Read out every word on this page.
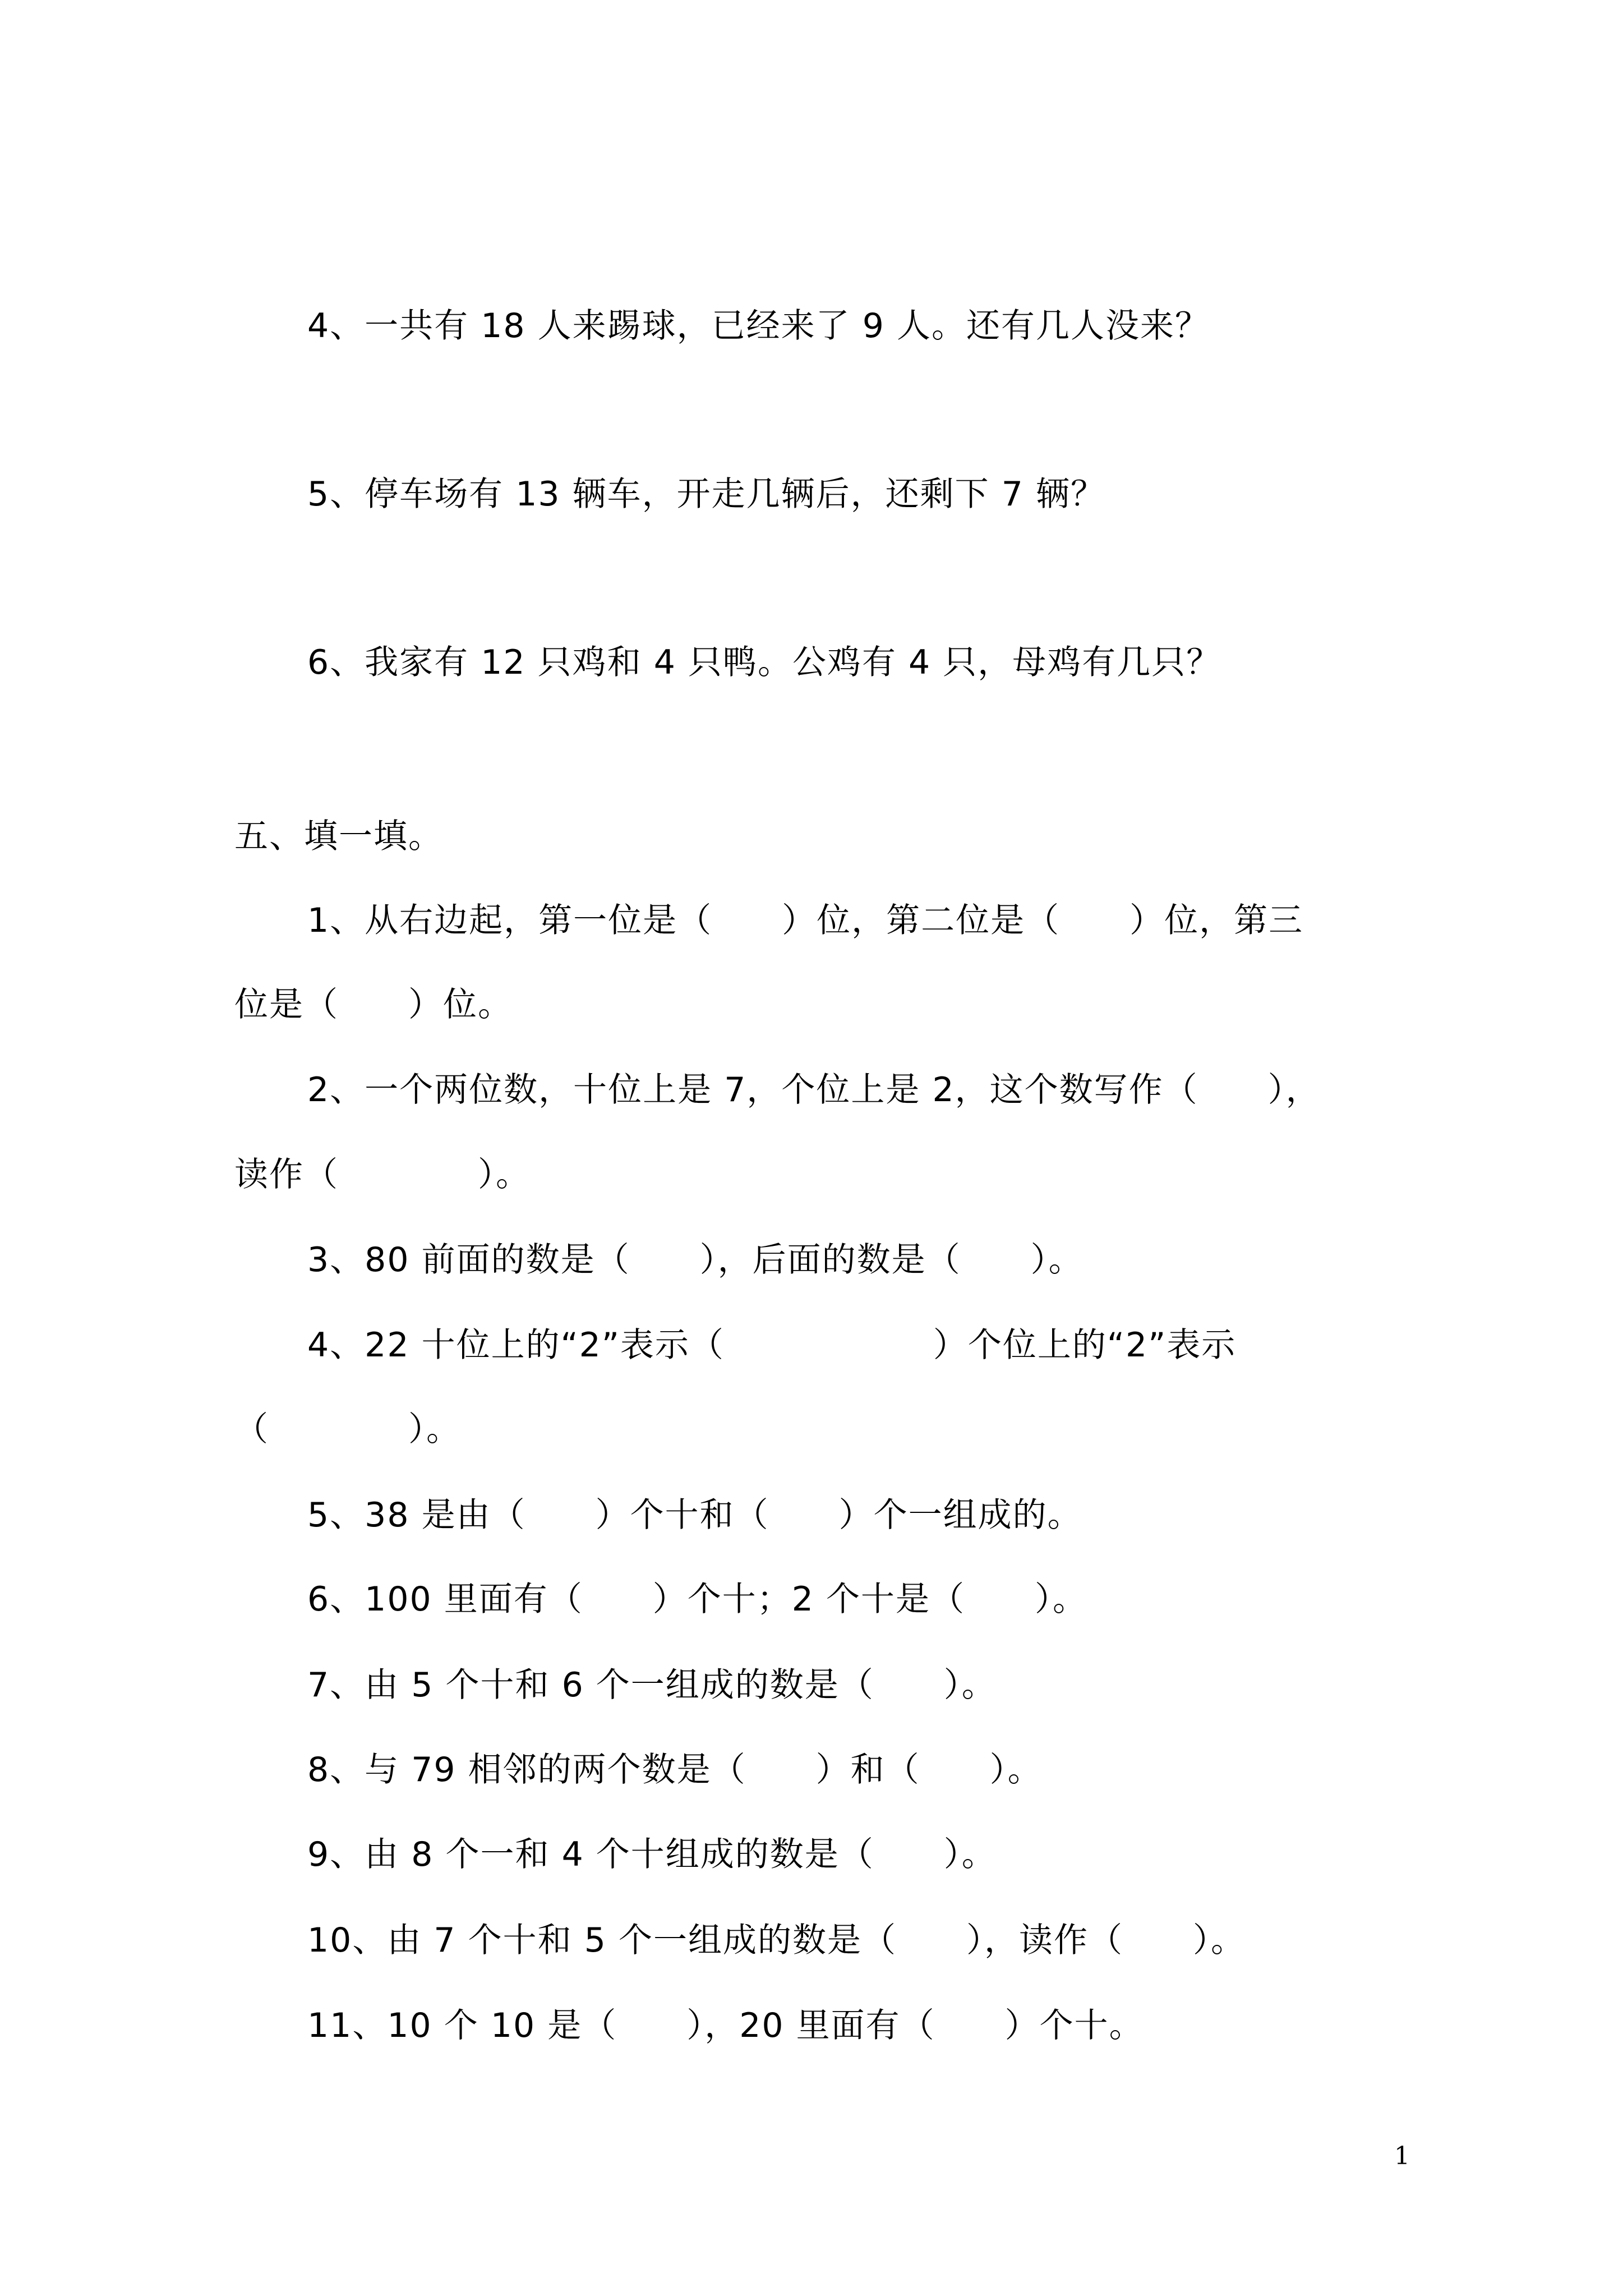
4、一共有 18 人来踢球，已经来了 9 人。还有几人没来？
5、停车场有 13 辆车，开走几辆后，还剩下 7 辆？
6、我家有 12 只鸡和 4 只鸭。公鸡有 4 只，母鸡有几只？
五、填一填。
1、从右边起，第一位是（　　）位，第二位是（　　）位，第三
位是（　　）位。
2、一个两位数，十位上是 7，个位上是 2，这个数写作（　　），
读作（　　　　）。
3、80 前面的数是（　　），后面的数是（　　）。
4、22 十位上的“2”表示（　　　　　　）个位上的“2”表示
（　　　　）。
5、38 是由（　　）个十和（　　）个一组成的。
6、100 里面有（　　）个十；2 个十是（　　）。
7、由 5 个十和 6 个一组成的数是（　　）。
8、与 79 相邻的两个数是（　　）和（　　）。
9、由 8 个一和 4 个十组成的数是（　　）。
10、由 7 个十和 5 个一组成的数是（　　），读作（　　）。
11、10 个 10 是（　　），20 里面有（　　）个十。
1
